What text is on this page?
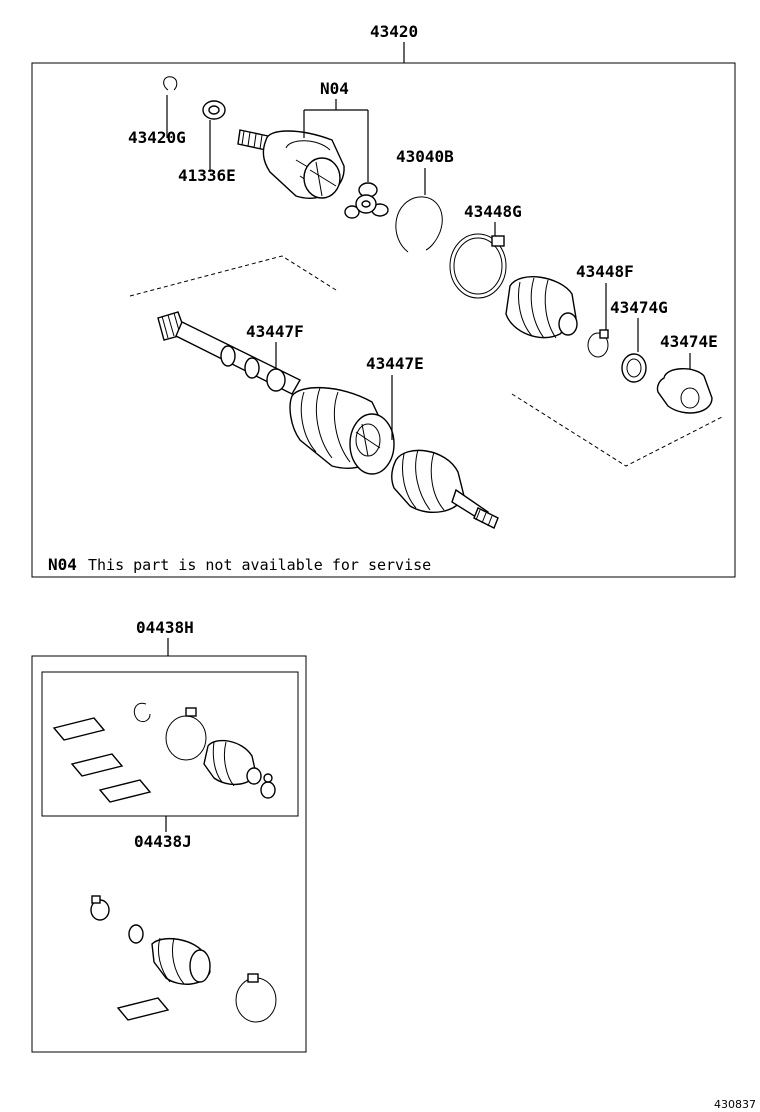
43420
43420G
41336E
N04
43040B
43448G
43448F
43474G
43474E
43447F
43447E
N04 This part is not available for servise
04438H
04438J
430837
